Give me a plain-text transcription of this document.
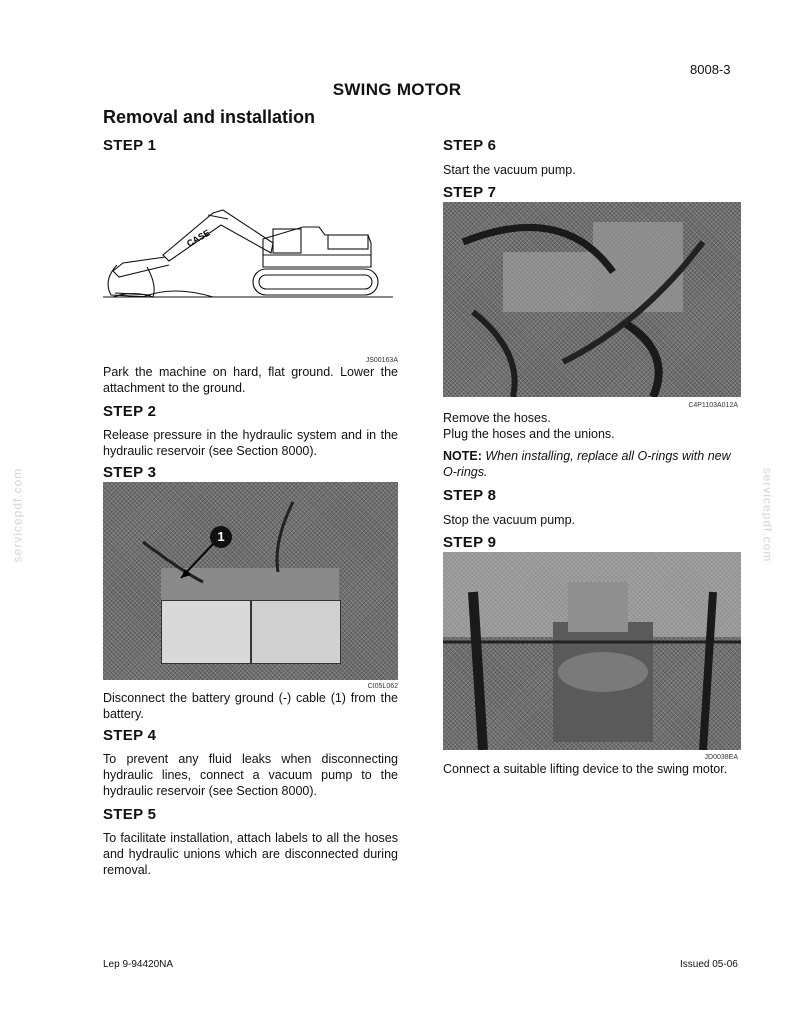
8008-3
SWING MOTOR
Removal and installation
servicepdf.com	servicepdf.com
STEP 1
CASE
JS00163A
Park the machine on hard, flat ground. Lower the attachment to the ground.
STEP 2
Release pressure in the hydraulic system and in the hydraulic reservoir (see Section 8000).
STEP 3
1
CI05L062
Disconnect the battery ground (-) cable (1) from the battery.
STEP 4
To prevent any fluid leaks when disconnecting hydraulic lines, connect a vacuum pump to the hydraulic reservoir (see Section 8000).
STEP 5
To facilitate installation, attach labels to all the hoses and hydraulic unions which are disconnected during removal.
STEP 6
Start the vacuum pump.
STEP 7
C4P1103A012A
Remove the hoses.
Plug the hoses and the unions.
NOTE: When installing, replace all O-rings with new O-rings.
STEP 8
Stop the vacuum pump.
STEP 9
JD0038EA
Connect a suitable lifting device to the swing motor.
Lep 9-94420NA	Issued 05-06
